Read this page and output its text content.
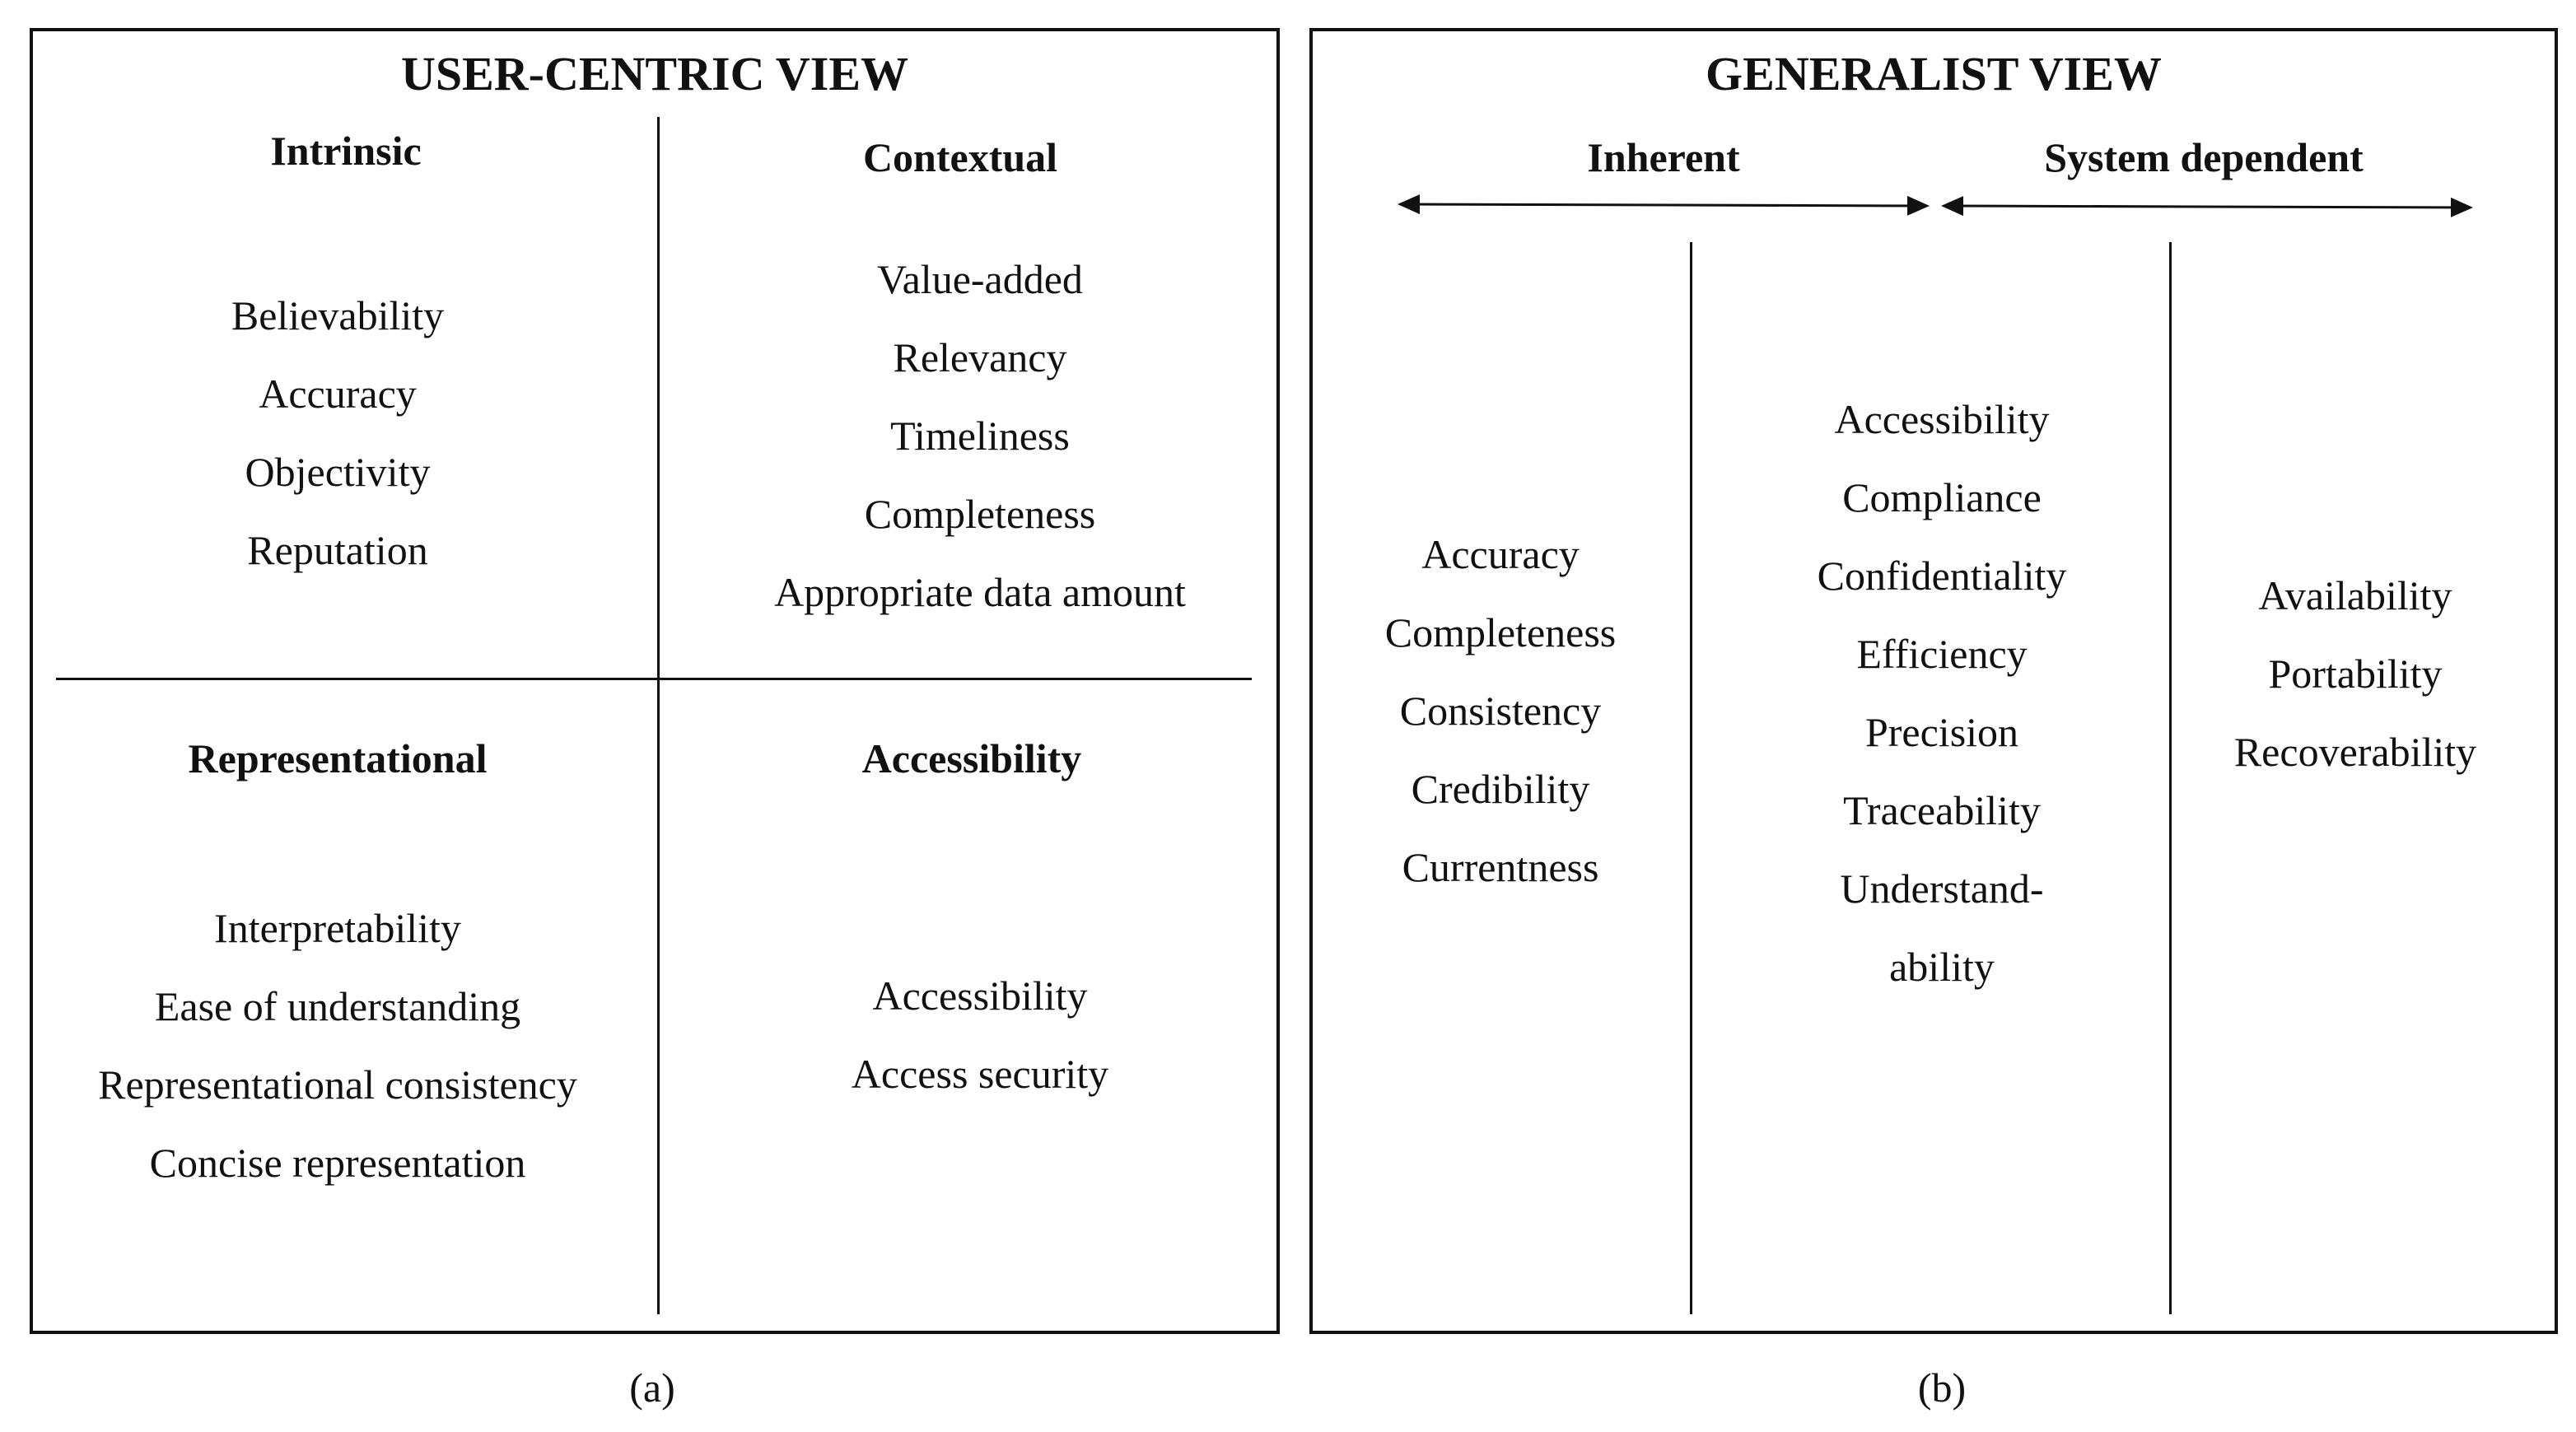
USER-CENTRIC VIEW
Intrinsic
Believability
Accuracy
Objectivity
Reputation
Contextual
Value-added
Relevancy
Timeliness
Completeness
Appropriate data amount
Representational
Interpretability
Ease of understanding
Representational consistency
Concise representation
Accessibility
Accessibility
Access security
(a)
GENERALIST VIEW
Inherent	System dependent
Accuracy
Completeness
Consistency
Credibility
Currentness
Accessibility
Compliance
Confidentiality
Efficiency
Precision
Traceability
Understand-
ability
Availability
Portability
Recoverability
(b)
